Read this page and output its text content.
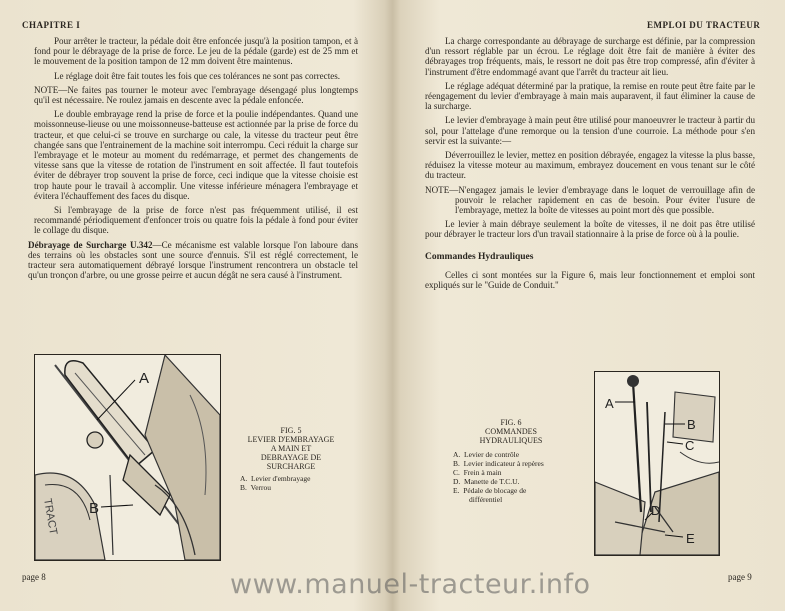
CHAPITRE I

Pour arrêter le tracteur, la pédale doit être enfoncée jusqu'à la position tampon, et à fond pour le débrayage de la prise de force. Le jeu de la pédale (garde) est de 25 mm et le mouvement de la position tampon de 12 mm doivent être maintenus.

Le réglage doit être fait toutes les fois que ces tolérances ne sont pas correctes.

NOTE—Ne faites pas tourner le moteur avec l'embrayage désengagé plus longtemps qu'il est nécessaire. Ne roulez jamais en descente avec la pédale enfoncée.

Le double embrayage rend la prise de force et la poulie indépendantes. Quand une moissonneuse-lieuse ou une moissonneuse-batteuse est actionnée par la prise de force du tracteur, et que celui-ci se trouve en surcharge ou cale, la vitesse du tracteur peut être changée sans que l'entrainement de la machine soit interrompu. Ceci réduit la charge sur l'embrayage et le moteur au moment du redémarrage, et permet des changements de vitesse sans que la vitesse de rotation de l'instrument en soit affectée. Il faut toutefois éviter de débrayer trop souvent la prise de force, ceci indique que la vitesse choisie est trop haute pour le travail à accomplir. Une vitesse inférieure ménagera l'embrayage et évitera l'échauffement des faces du disque.

Si l'embrayage de la prise de force n'est pas fréquemment utilisé, il est recommandé périodiquement d'enfoncer trois ou quatre fois la pédale à fond pour éviter le collage du disque.

Débrayage de Surcharge U.342—Ce mécanisme est valable lorsque l'on laboure dans des terrains où les obstacles sont une source d'ennuis. S'il est réglé correctement, le tracteur sera automatiquement débrayé lorsque l'instrument rencontrera un obstacle tel qu'un tronçon d'arbre, ou une grosse peirre et aucun dégât ne sera causé à l'instrument.

TRACT
A
B
FIG. 5
LEVIER D'EMBRAYAGE
A MAIN ET
DEBRAYAGE DE
SURCHARGE
A. Levier d'embrayage
B. Verrou
page 8
EMPLOI DU TRACTEUR

La charge correspondante au débrayage de surcharge est définie, par la compression d'un ressort réglable par un écrou. Le réglage doit être fait de manière à éviter des débrayages trop fréquents, mais, le ressort ne doit pas être trop compressé, afin d'éviter à l'instrument d'être endommagé avant que l'arrêt du tracteur ait lieu.

Le réglage adéquat déterminé par la pratique, la remise en route peut être faite par le réengagement du levier d'embrayage à main mais auparavent, il faut éliminer la cause de la surcharge.

Le levier d'embrayage à main peut être utilisé pour manoeuvrer le tracteur à partir du sol, pour l'attelage d'une remorque ou la tension d'une courroie. La méthode pour s'en servir est la suivante:—

Déverrouillez le levier, mettez en position débrayée, engagez la vitesse la plus basse, réduisez la vitesse moteur au maximum, embrayez doucement en vous tenant sur le côté du tracteur.

NOTE—N'engagez jamais le levier d'embrayage dans le loquet de verrouillage afin de pouvoir le relacher rapidement en cas de besoin. Pour éviter l'usure de l'embrayage, mettez la boîte de vitesses au point mort dès que possible.

Le levier à main débraye seulement la boîte de vitesses, il ne doit pas être utilisé pour débrayer le tracteur lors d'un travail stationnaire à la prise de force où à la poulie.

Commandes Hydrauliques

Celles ci sont montées sur la Figure 6, mais leur fonctionnement et emploi sont expliqués sur le "Guide de Conduit."

FIG. 6
COMMANDES
HYDRAULIQUES
A. Levier de contrôle
B. Levier indicateur à repères
C. Frein à main
D. Manette de T.C.U.
E. Pédale de blocage de
différentiel
A
B
C
D
E
page 9
www.manuel-tracteur.info
